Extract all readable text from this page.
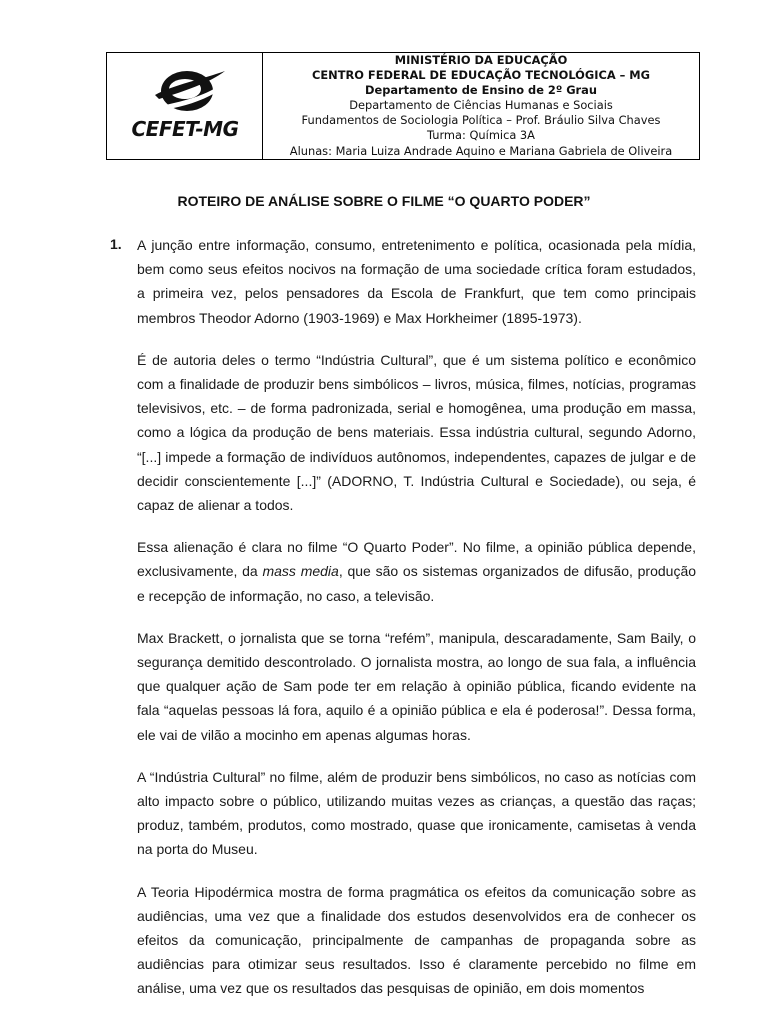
CEFET-MG
MINISTÉRIO DA EDUCAÇÃO
CENTRO FEDERAL DE EDUCAÇÃO TECNOLÓGICA – MG
Departamento de Ensino de 2º Grau
Departamento de Ciências Humanas e Sociais
Fundamentos de Sociologia Política – Prof. Bráulio Silva Chaves
Turma: Química 3A
Alunas: Maria Luiza Andrade Aquino e Mariana Gabriela de Oliveira
ROTEIRO DE ANÁLISE SOBRE O FILME “O QUARTO PODER”
1. A junção entre informação, consumo, entretenimento e política, ocasionada pela mídia, bem como seus efeitos nocivos na formação de uma sociedade crítica foram estudados, a primeira vez, pelos pensadores da Escola de Frankfurt, que tem como principais membros Theodor Adorno (1903-1969) e Max Horkheimer (1895-1973).

É de autoria deles o termo “Indústria Cultural”, que é um sistema político e econômico com a finalidade de produzir bens simbólicos – livros, música, filmes, notícias, programas televisivos, etc. – de forma padronizada, serial e homogênea, uma produção em massa, como a lógica da produção de bens materiais. Essa indústria cultural, segundo Adorno, “[...] impede a formação de indivíduos autônomos, independentes, capazes de julgar e de decidir conscientemente [...]” (ADORNO, T. Indústria Cultural e Sociedade), ou seja, é capaz de alienar a todos.

Essa alienação é clara no filme “O Quarto Poder”. No filme, a opinião pública depende, exclusivamente, da mass media, que são os sistemas organizados de difusão, produção e recepção de informação, no caso, a televisão.

Max Brackett, o jornalista que se torna “refém”, manipula, descaradamente, Sam Baily, o segurança demitido descontrolado. O jornalista mostra, ao longo de sua fala, a influência que qualquer ação de Sam pode ter em relação à opinião pública, ficando evidente na fala “aquelas pessoas lá fora, aquilo é a opinião pública e ela é poderosa!”. Dessa forma, ele vai de vilão a mocinho em apenas algumas horas.

A “Indústria Cultural” no filme, além de produzir bens simbólicos, no caso as notícias com alto impacto sobre o público, utilizando muitas vezes as crianças, a questão das raças; produz, também, produtos, como mostrado, quase que ironicamente, camisetas à venda na porta do Museu.

A Teoria Hipodérmica mostra de forma pragmática os efeitos da comunicação sobre as audiências, uma vez que a finalidade dos estudos desenvolvidos era de conhecer os efeitos da comunicação, principalmente de campanhas de propaganda sobre as audiências para otimizar seus resultados. Isso é claramente percebido no filme em análise, uma vez que os resultados das pesquisas de opinião, em dois momentos
